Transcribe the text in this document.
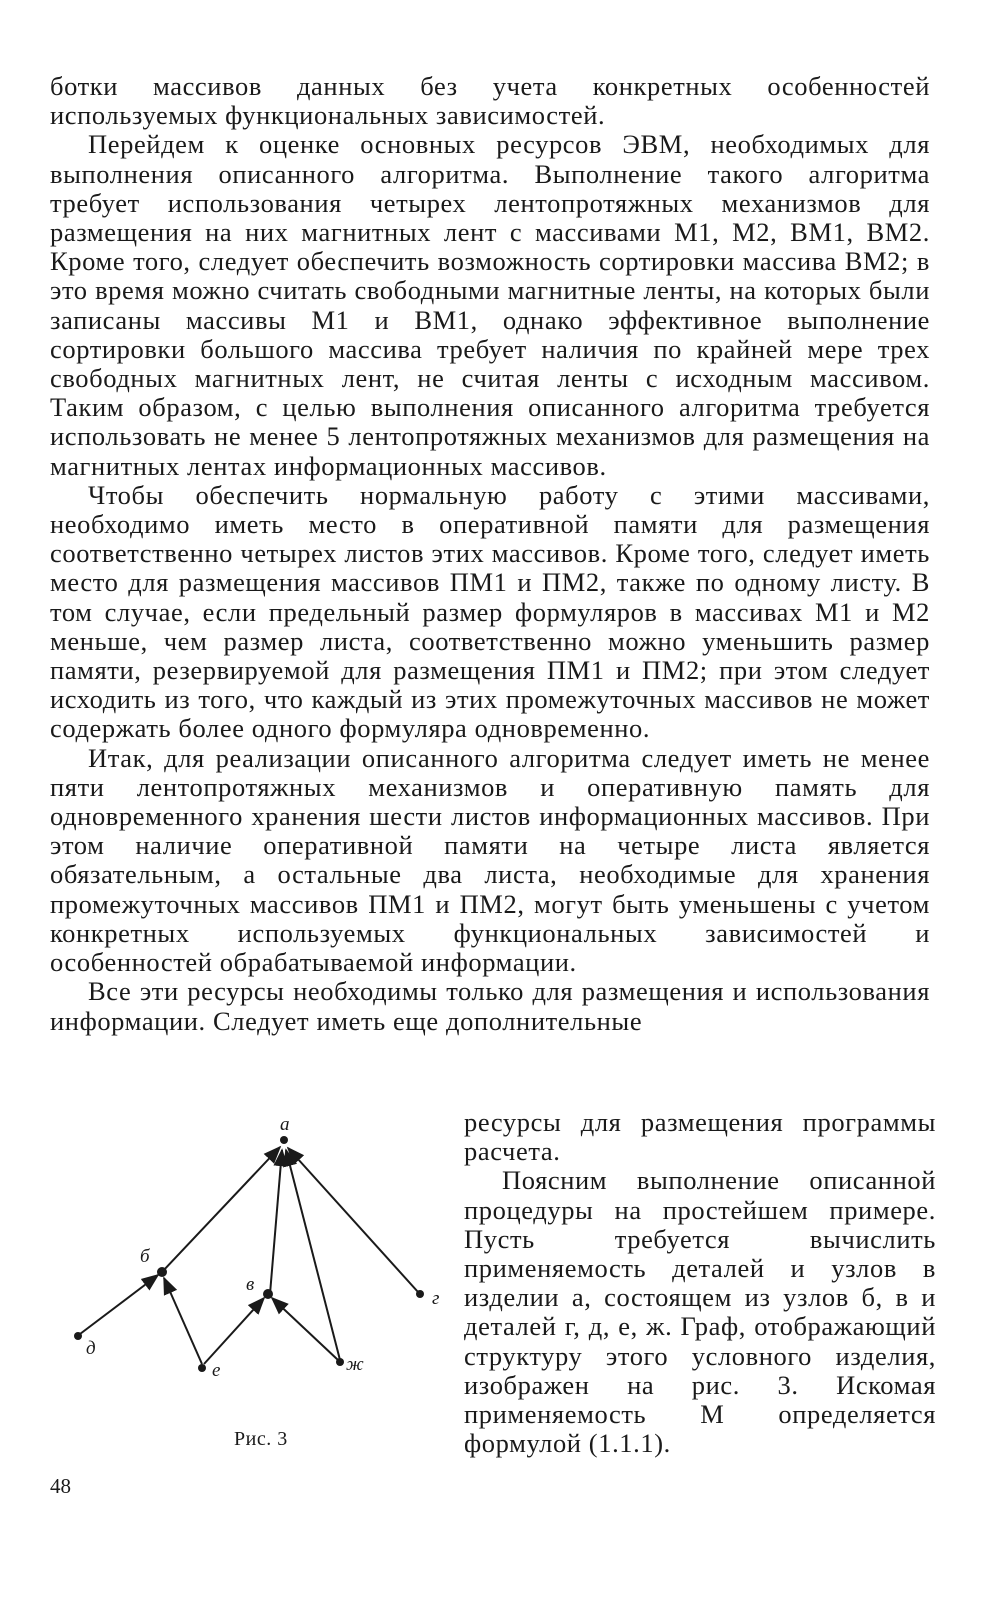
ботки массивов данных без учета конкретных особенностей используемых функциональных зависимостей.

Перейдем к оценке основных ресурсов ЭВМ, необходимых для выполнения описанного алгоритма. Выполнение такого алгоритма требует использования четырех лентопротяжных механизмов для размещения на них магнитных лент с массивами М1, М2, ВМ1, ВМ2. Кроме того, следует обеспечить возможность сортировки массива ВМ2; в это время можно считать свободными магнитные ленты, на которых были записаны массивы М1 и ВМ1, однако эффективное выполнение сортировки большого массива требует наличия по крайней мере трех свободных магнитных лент, не считая ленты с исходным массивом. Таким образом, с целью выполнения описанного алгоритма требуется использовать не менее 5 лентопротяжных механизмов для размещения на магнитных лентах информационных массивов.

Чтобы обеспечить нормальную работу с этими массивами, необходимо иметь место в оперативной памяти для размещения соответственно четырех листов этих массивов. Кроме того, следует иметь место для размещения массивов ПМ1 и ПМ2, также по одному листу. В том случае, если предельный размер формуляров в массивах М1 и М2 меньше, чем размер листа, соответственно можно уменьшить размер памяти, резервируемой для размещения ПМ1 и ПМ2; при этом следует исходить из того, что каждый из этих промежуточных массивов не может содержать более одного формуляра одновременно.

Итак, для реализации описанного алгоритма следует иметь не менее пяти лентопротяжных механизмов и оперативную память для одновременного хранения шести листов информационных массивов. При этом наличие оперативной памяти на четыре листа является обязательным, а остальные два листа, необходимые для хранения промежуточных массивов ПМ1 и ПМ2, могут быть уменьшены с учетом конкретных используемых функциональных зависимостей и особенностей обрабатываемой информации.

Все эти ресурсы необходимы только для размещения и использования информации. Следует иметь еще дополнительные

ресурсы для размещения программы расчета.

Поясним выполнение описанной процедуры на простейшем примере. Пусть требуется вычислить применяемость деталей и узлов в изделии а, состоящем из узлов б, в и деталей г, д, е, ж. Граф, отображающий структуру этого условного изделия, изображен на рис. 3. Искомая применяемость М определяется формулой (1.1.1).

а
б
в
г
д
е	ж
Рис. 3
48
